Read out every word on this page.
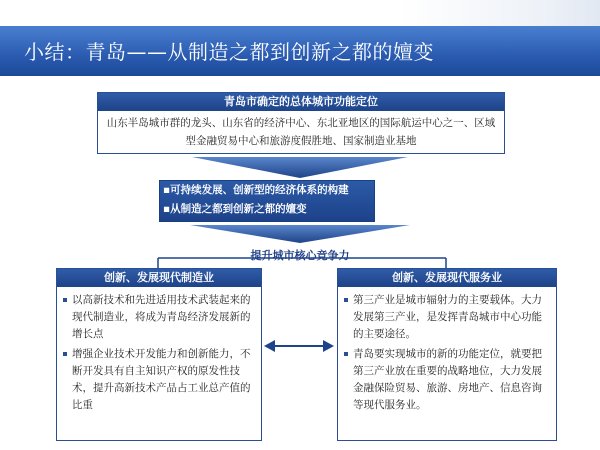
小结：青岛——从制造之都到创新之都的嬗变
青岛市确定的总体城市功能定位
山东半岛城市群的龙头、山东省的经济中心、东北亚地区的国际航运中心之一、区域型金融贸易中心和旅游度假胜地、国家制造业基地
▪可持续发展、创新型的经济体系的构建
▪从制造之都到创新之都的嬗变
提升城市核心竞争力
创新、发展现代制造业
以高新技术和先进适用技术武装起来的现代制造业，将成为青岛经济发展新的增长点
增强企业技术开发能力和创新能力，不断开发具有自主知识产权的原发性技术，提升高新技术产品占工业总产值的比重
创新、发展现代服务业
第三产业是城市辐射力的主要载体。大力发展第三产业，是发挥青岛城市中心功能的主要途径。
青岛要实现城市的新的功能定位，就要把第三产业放在重要的战略地位，大力发展金融保险贸易、旅游、房地产、信息咨询等现代服务业。
